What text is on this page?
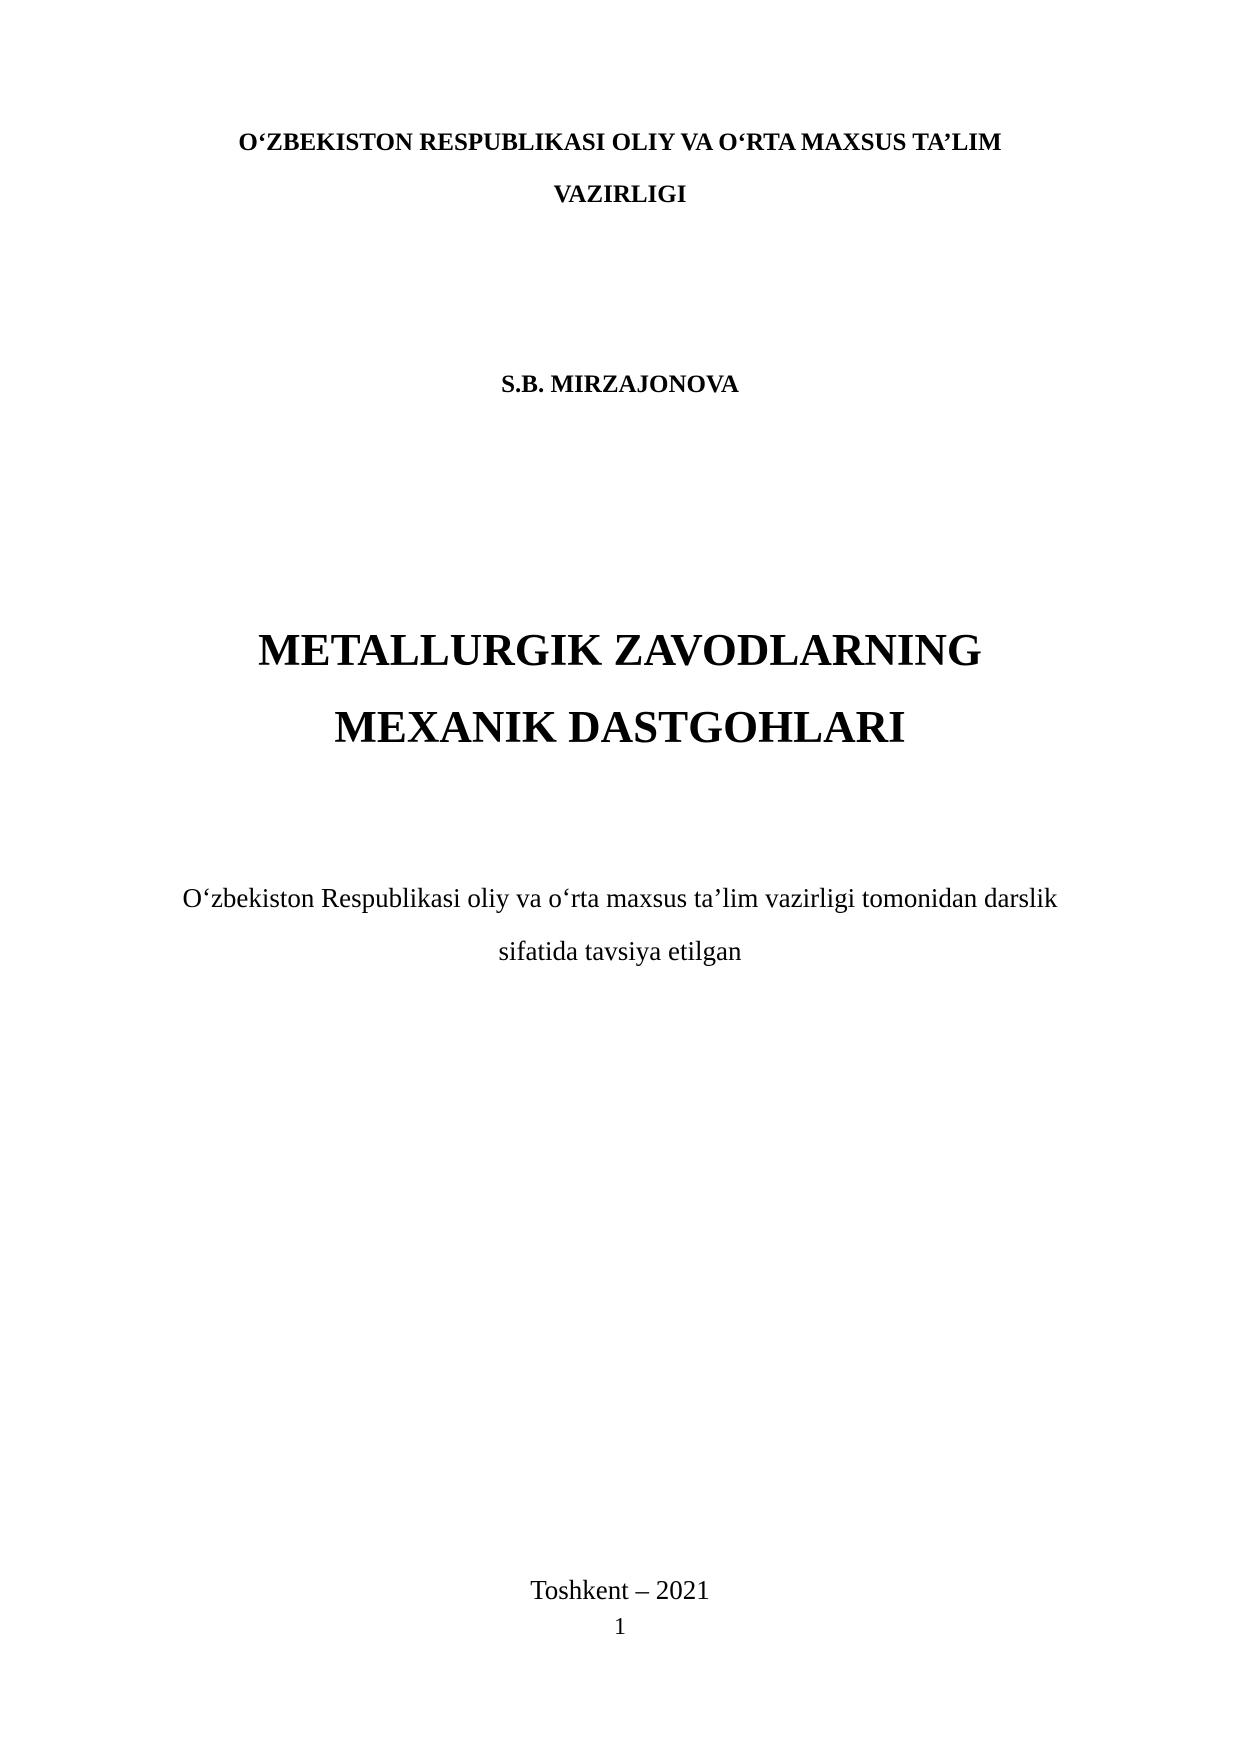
O‘ZBEKISTON RESPUBLIKASI OLIY VA O‘RTA MAXSUS TA’LIM
VAZIRLIGI
S.B. MIRZAJONOVA
METALLURGIK ZAVODLARNING
MEXANIK DASTGOHLARI
O‘zbekiston Respublikasi oliy va o‘rta maxsus ta’lim vazirligi tomonidan darslik
sifatida tavsiya etilgan
Toshkent – 2021
1
